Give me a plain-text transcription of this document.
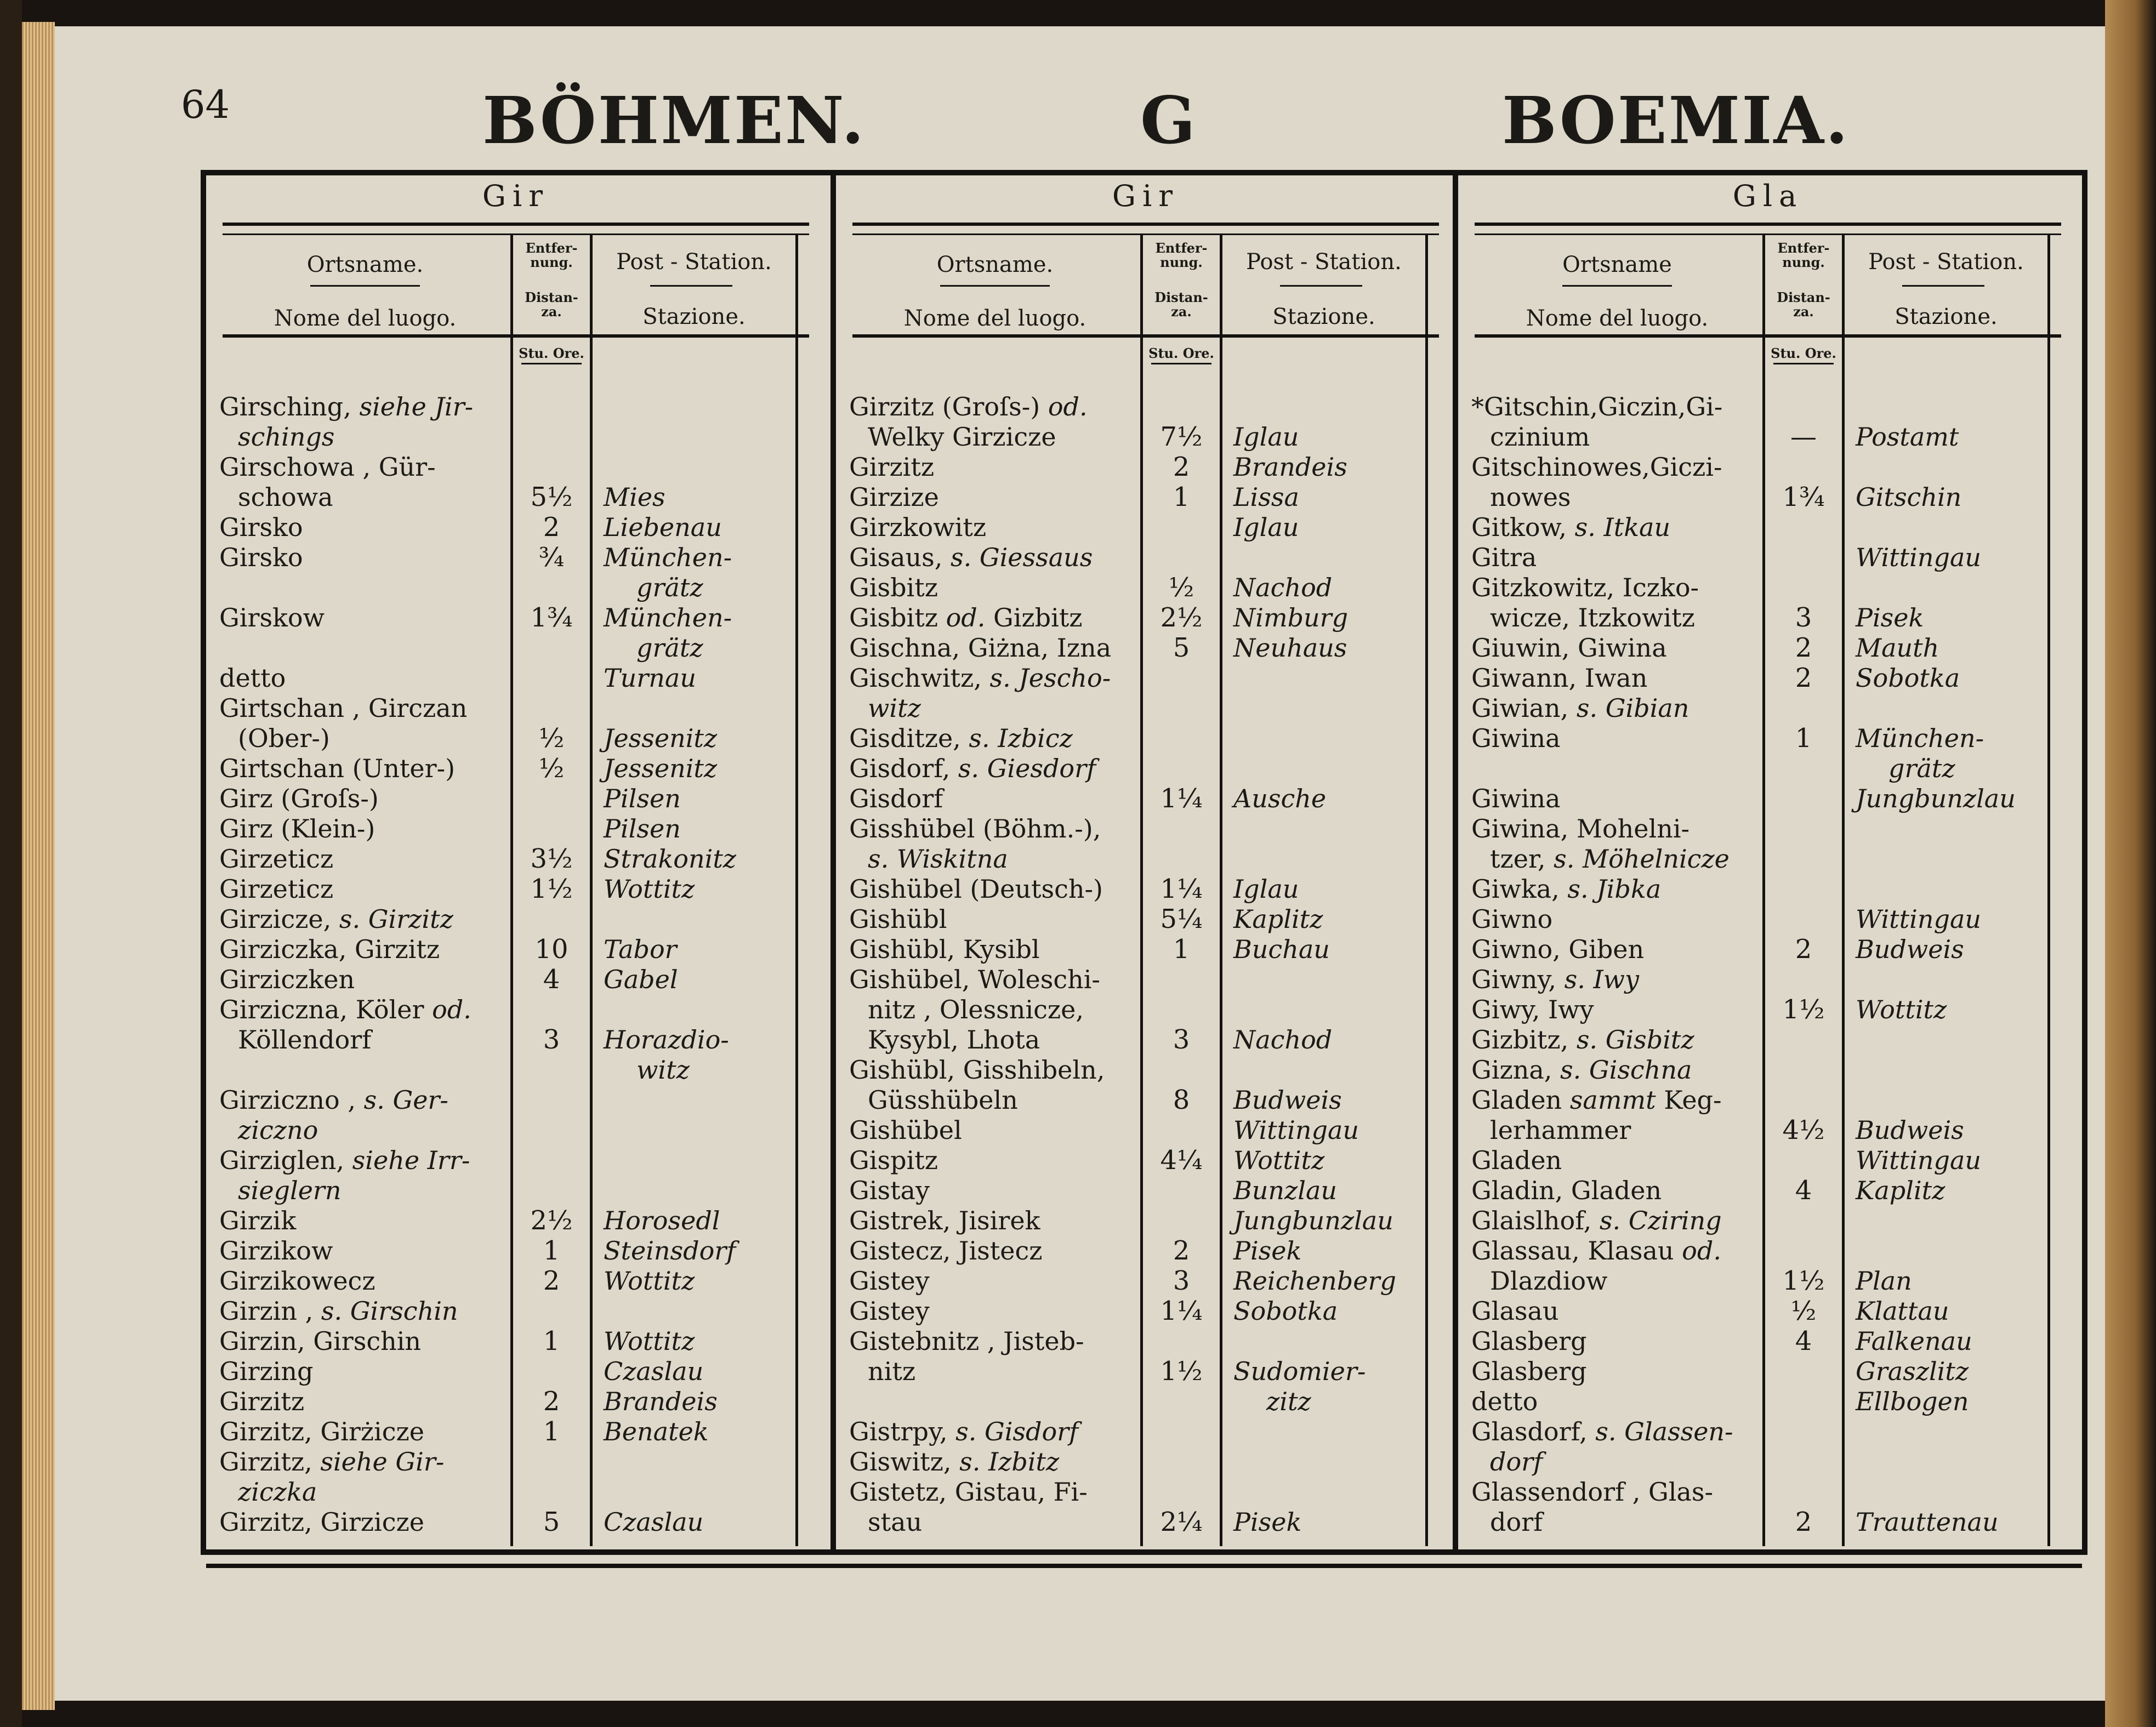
64	BÖHMEN.	G	BOEMIA.
Gir
Ortsname.
Nome del luogo.
Entfer-
nung.
Distan-
za.
Post - Station.
Stazione.
Stu. Ore.
Girsching, siehe Jir-
schings
Girschowa , Gür-
schowa	5½	Mies
Girsko	2	Liebenau
Girsko	¾	München-
grätz
Girskow	1¾	München-
grätz
detto	Turnau
Girtschan , Girczan
(Ober-)	½	Jessenitz
Girtschan (Unter-)	½	Jessenitz
Girz (Groſs-)	Pilsen
Girz (Klein-)	Pilsen
Girzeticz	3½	Strakonitz
Girzeticz	1½	Wottitz
Girzicze, s. Girzitz
Girziczka, Girzitz	10	Tabor
Girziczken	4	Gabel
Girziczna, Köler od.
Köllendorf	3	Horazdio-
witz
Girziczno , s. Ger-
ziczno
Girziglen, siehe Irr-
sieglern
Girzik	2½	Horosedl
Girzikow	1	Steinsdorf
Girzikowecz	2	Wottitz
Girzin , s. Girschin
Girzin, Girschin	1	Wottitz
Girzing	Czaslau
Girzitz	2	Brandeis
Girzitz, Girżicze	1	Benatek
Girzitz, siehe Gir-
ziczka
Girzitz, Girzicze	5	Czaslau
Gir
Ortsname.
Nome del luogo.
Entfer-
nung.
Distan-
za.
Post - Station.
Stazione.
Stu. Ore.
Girzitz (Groſs-) od.
Welky Girzicze	7½	Iglau
Girzitz	2	Brandeis
Girzize	1	Lissa
Girzkowitz	Iglau
Gisaus, s. Giessaus
Gisbitz	½	Nachod
Gisbitz od. Gizbitz	2½	Nimburg
Gischna, Giżna, Izna	5	Neuhaus
Gischwitz, s. Jescho-
witz
Gisditze, s. Izbicz
Gisdorf, s. Giesdorf
Gisdorf	1¼	Ausche
Gisshübel (Böhm.-),
s. Wiskitna
Gishübel (Deutsch-)	1¼	Iglau
Gishübl	5¼	Kaplitz
Gishübl, Kysibl	1	Buchau
Gishübel, Woleschi-
nitz , Olessnicze,
Kysybl, Lhota	3	Nachod
Gishübl, Gisshibeln,
Güsshübeln	8	Budweis
Gishübel	Wittingau
Gispitz	4¼	Wottitz
Gistay	Bunzlau
Gistrek, Jisirek	Jungbunzlau
Gistecz, Jistecz	2	Pisek
Gistey	3	Reichenberg
Gistey	1¼	Sobotka
Gistebnitz , Jisteb-
nitz	1½	Sudomier-
zitz
Gistrpy, s. Gisdorf
Giswitz, s. Izbitz
Gistetz, Gistau, Fi-
stau	2¼	Pisek
Gla
Ortsname
Nome del luogo.
Entfer-
nung.
Distan-
za.
Post - Station.
Stazione.
Stu. Ore.
*Gitschin,Giczin,Gi-
czinium	—	Postamt
Gitschinowes,Giczi-
nowes	1¾	Gitschin
Gitkow, s. Itkau
Gitra	Wittingau
Gitzkowitz, Iczko-
wicze, Itzkowitz	3	Pisek
Giuwin, Giwina	2	Mauth
Giwann, Iwan	2	Sobotka
Giwian, s. Gibian
Giwina	1	München-
grätz
Giwina	Jungbunzlau
Giwina, Mohelni-
tzer, s. Möhelnicze
Giwka, s. Jibka
Giwno	Wittingau
Giwno, Giben	2	Budweis
Giwny, s. Iwy
Giwy, Iwy	1½	Wottitz
Gizbitz, s. Gisbitz
Gizna, s. Gischna
Gladen sammt Keg-
lerhammer	4½	Budweis
Gladen	Wittingau
Gladin, Gladen	4	Kaplitz
Glaislhof, s. Cziring
Glassau, Klasau od.
Dlazdiow	1½	Plan
Glasau	½	Klattau
Glasberg	4	Falkenau
Glasberg	Graszlitz
detto	Ellbogen
Glasdorf, s. Glassen-
dorf
Glassendorf , Glas-
dorf	2	Trauttenau
